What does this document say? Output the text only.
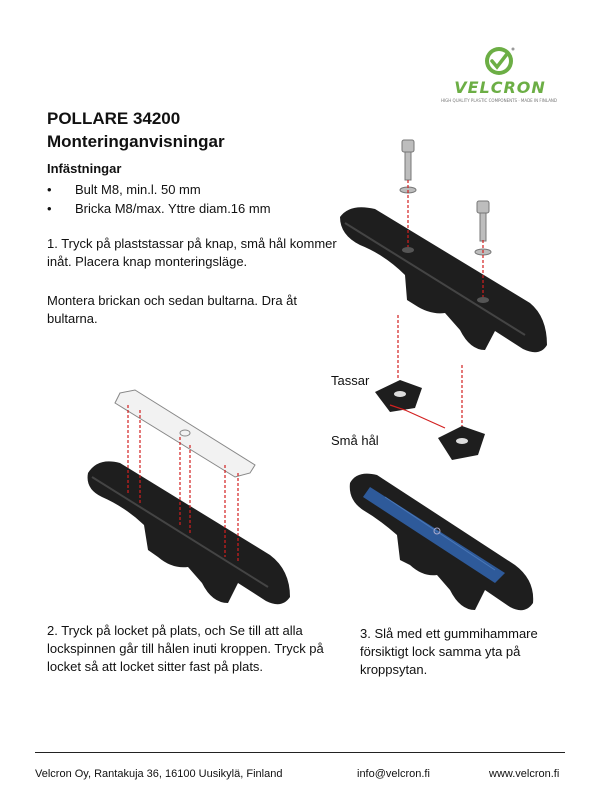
VELCRON
HIGH QUALITY PLASTIC COMPONENTS · MADE IN FINLAND
POLLARE 34200
Monteringanvisningar
Infästningar
• Bult M8, min.l. 50 mm
• Bricka M8/max. Yttre diam.16 mm
1. Tryck på plaststassar på knap, små hål kommer inåt. Placera knap monteringsläge.
Montera brickan och sedan bultarna. Dra åt bultarna.
Tassar
Små hål
2. Tryck på locket på plats, och Se till att alla lockspinnen går till hålen inuti kroppen. Tryck på locket så att locket sitter fast på plats.
3. Slå med ett gummihammare försiktigt lock samma yta på kroppsytan.
Velcron Oy, Rantakuja 36, 16100 Uusikylä, Finland	info@velcron.fi	www.velcron.fi
